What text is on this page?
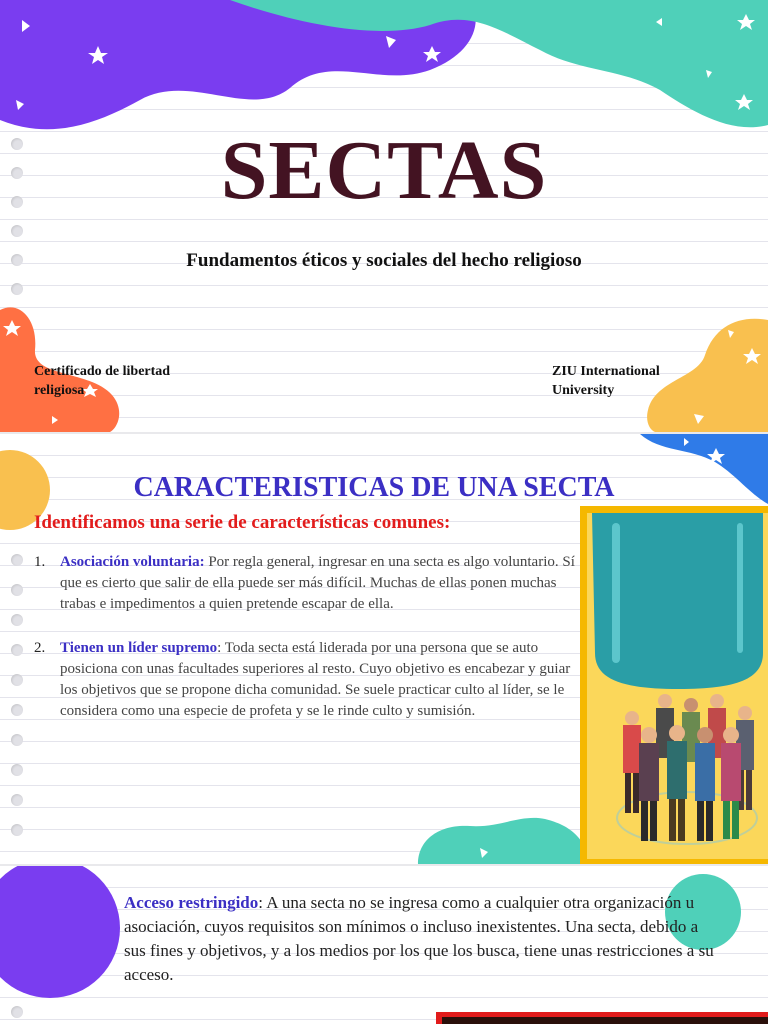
SECTAS
Fundamentos éticos y sociales del hecho religioso
Certificado de libertad religiosa
ZIU International University
CARACTERISTICAS DE UNA SECTA
Identificamos una serie de características comunes:
1. Asociación voluntaria: Por regla general, ingresar en una secta es algo voluntario. Sí que es cierto que salir de ella puede ser más difícil. Muchas de ellas ponen muchas trabas e impedimentos a quien pretende escapar de ella.
2. Tienen un líder supremo: Toda secta está liderada por una persona que se auto posiciona con unas facultades superiores al resto. Cuyo objetivo es encabezar y guiar los objetivos que se propone dicha comunidad. Se suele practicar culto al líder, se le considera como una especie de profeta y se le rinde culto y sumisión.
Acceso restringido: A una secta no se ingresa como a cualquier otra organización u asociación, cuyos requisitos son mínimos o incluso inexistentes. Una secta, debido a sus fines y objetivos, y a los medios por los que los busca, tiene unas restricciones a su acceso.
